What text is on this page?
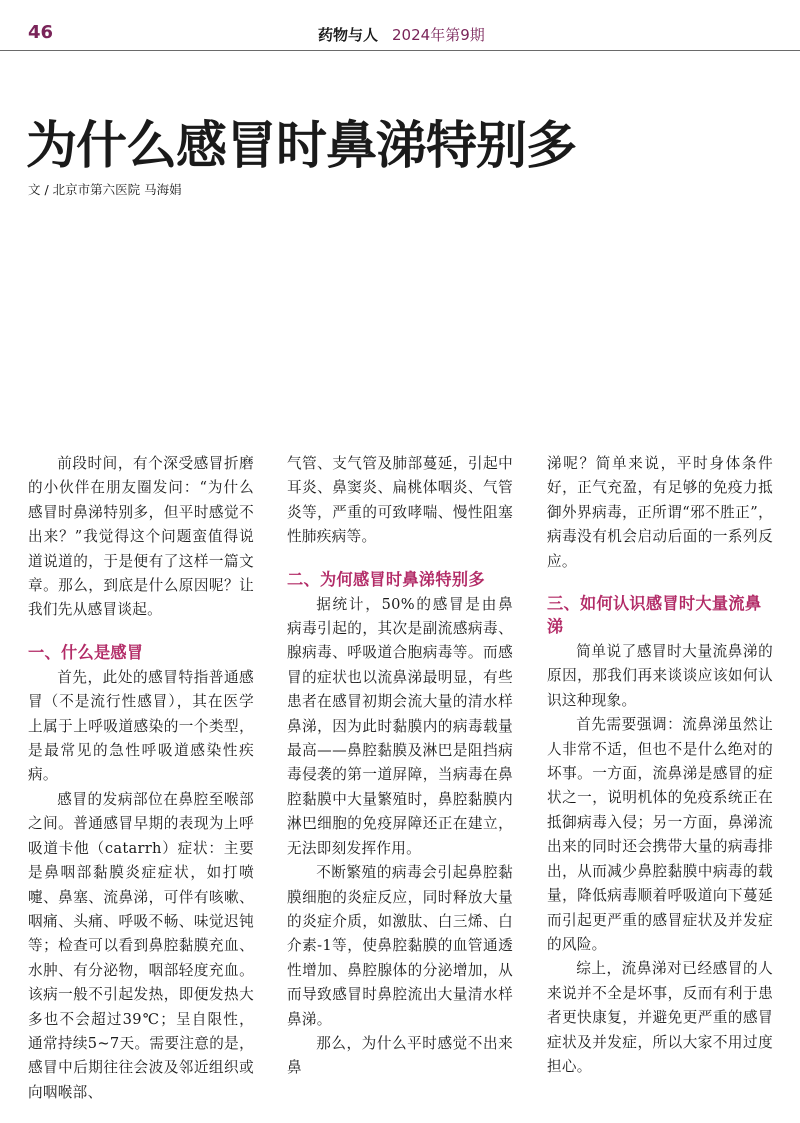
46	药物与人 2024年第9期
为什么感冒时鼻涕特别多
文 / 北京市第六医院 马海娟

前段时间，有个深受感冒折磨的小伙伴在朋友圈发问：“为什么感冒时鼻涕特别多，但平时感觉不出来？”我觉得这个问题蛮值得说道说道的，于是便有了这样一篇文章。那么，到底是什么原因呢？让我们先从感冒谈起。

一、什么是感冒

首先，此处的感冒特指普通感冒（不是流行性感冒），其在医学上属于上呼吸道感染的一个类型，是最常见的急性呼吸道感染性疾病。

感冒的发病部位在鼻腔至喉部之间。普通感冒早期的表现为上呼吸道卡他（catarrh）症状：主要是鼻咽部黏膜炎症症状，如打喷嚏、鼻塞、流鼻涕，可伴有咳嗽、咽痛、头痛、呼吸不畅、味觉迟钝等；检查可以看到鼻腔黏膜充血、水肿、有分泌物，咽部轻度充血。该病一般不引起发热，即便发热大多也不会超过39℃；呈自限性，通常持续5~7天。需要注意的是，感冒中后期往往会波及邻近组织或向咽喉部、

气管、支气管及肺部蔓延，引起中耳炎、鼻窦炎、扁桃体咽炎、气管炎等，严重的可致哮喘、慢性阻塞性肺疾病等。

二、为何感冒时鼻涕特别多

据统计，50%的感冒是由鼻病毒引起的，其次是副流感病毒、腺病毒、呼吸道合胞病毒等。而感冒的症状也以流鼻涕最明显，有些患者在感冒初期会流大量的清水样鼻涕，因为此时黏膜内的病毒载量最高——鼻腔黏膜及淋巴是阻挡病毒侵袭的第一道屏障，当病毒在鼻腔黏膜中大量繁殖时，鼻腔黏膜内淋巴细胞的免疫屏障还正在建立，无法即刻发挥作用。

不断繁殖的病毒会引起鼻腔黏膜细胞的炎症反应，同时释放大量的炎症介质，如激肽、白三烯、白介素-1等，使鼻腔黏膜的血管通透性增加、鼻腔腺体的分泌增加，从而导致感冒时鼻腔流出大量清水样鼻涕。

那么，为什么平时感觉不出来鼻

涕呢？简单来说，平时身体条件好，正气充盈，有足够的免疫力抵御外界病毒，正所谓“邪不胜正”，病毒没有机会启动后面的一系列反应。

三、如何认识感冒时大量流鼻涕

简单说了感冒时大量流鼻涕的原因，那我们再来谈谈应该如何认识这种现象。

首先需要强调：流鼻涕虽然让人非常不适，但也不是什么绝对的坏事。一方面，流鼻涕是感冒的症状之一，说明机体的免疫系统正在抵御病毒入侵；另一方面，鼻涕流出来的同时还会携带大量的病毒排出，从而减少鼻腔黏膜中病毒的载量，降低病毒顺着呼吸道向下蔓延而引起更严重的感冒症状及并发症的风险。

综上，流鼻涕对已经感冒的人来说并不全是坏事，反而有利于患者更快康复，并避免更严重的感冒症状及并发症，所以大家不用过度担心。
